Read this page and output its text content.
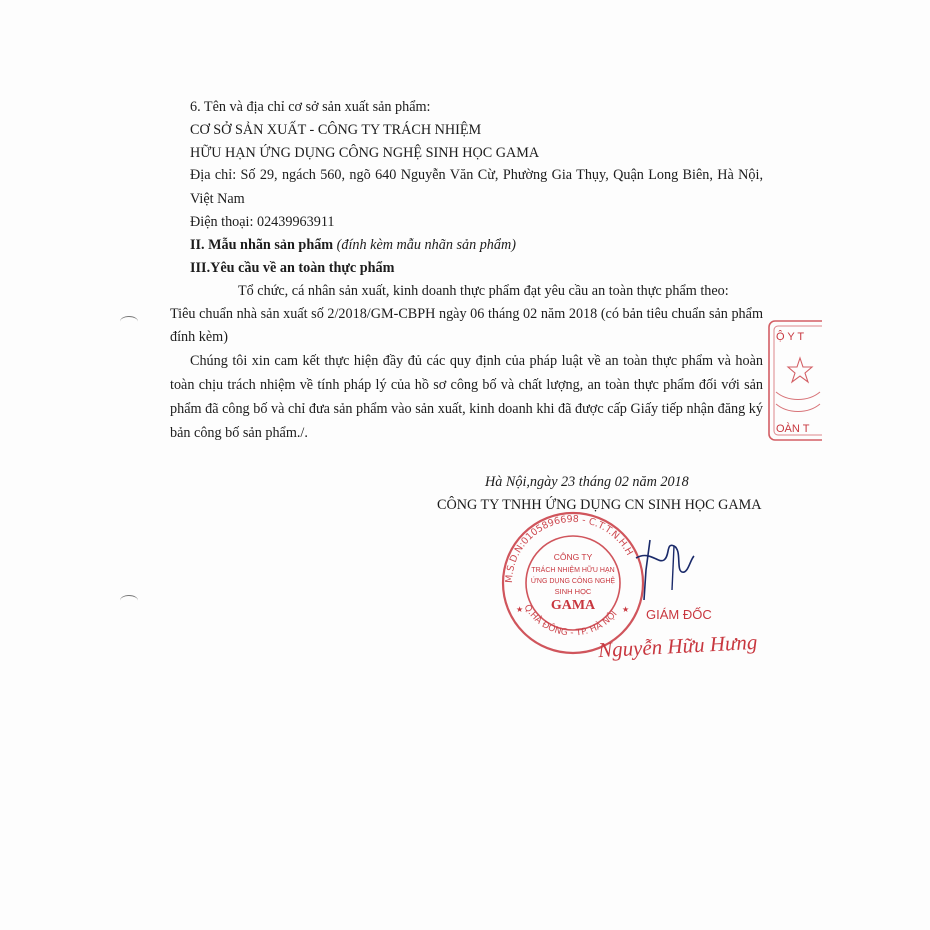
6. Tên và địa chỉ cơ sở sản xuất sản phẩm:
CƠ SỞ SẢN XUẤT - CÔNG TY TRÁCH NHIỆM
HỮU HẠN ỨNG DỤNG CÔNG NGHỆ SINH HỌC GAMA
Địa chỉ: Số 29, ngách 560, ngõ 640 Nguyễn Văn Cừ, Phường Gia Thụy, Quận Long Biên, Hà Nội,
Việt Nam
Điện thoại: 02439963911
II. Mẫu nhãn sản phẩm (đính kèm mẫu nhãn sản phẩm)
III.Yêu cầu về an toàn thực phẩm
Tổ chức, cá nhân sản xuất, kinh doanh thực phẩm đạt yêu cầu an toàn thực phẩm theo:
Tiêu chuẩn nhà sản xuất số 2/2018/GM-CBPH ngày 06 tháng 02 năm 2018 (có bản tiêu chuẩn sản phẩm
đính kèm)
Chúng tôi xin cam kết thực hiện đầy đủ các quy định của pháp luật về an toàn thực phẩm và hoàn
toàn chịu trách nhiệm về tính pháp lý của hồ sơ công bố và chất lượng, an toàn thực phẩm đối với sản
phẩm đã công bố và chỉ đưa sản phẩm vào sản xuất, kinh doanh khi đã được cấp Giấy tiếp nhận đăng ký
bản công bố sản phẩm./.
Hà Nội,ngày 23 tháng 02 năm 2018
CÔNG TY TNHH ỨNG DỤNG CN SINH HỌC GAMA
M.S.D.N:0105896698 - C.T.T.N.H.H
Q.HÀ ĐÔNG - TP. HÀ NỘI
CÔNG TY
TRÁCH NHIỆM HỮU HẠN
ỨNG DỤNG CÔNG NGHỆ
SINH HỌC
GAMA
★	★ GIÁM ĐỐC
Nguyễn Hữu Hưng
Ộ Y T
OÀN T
